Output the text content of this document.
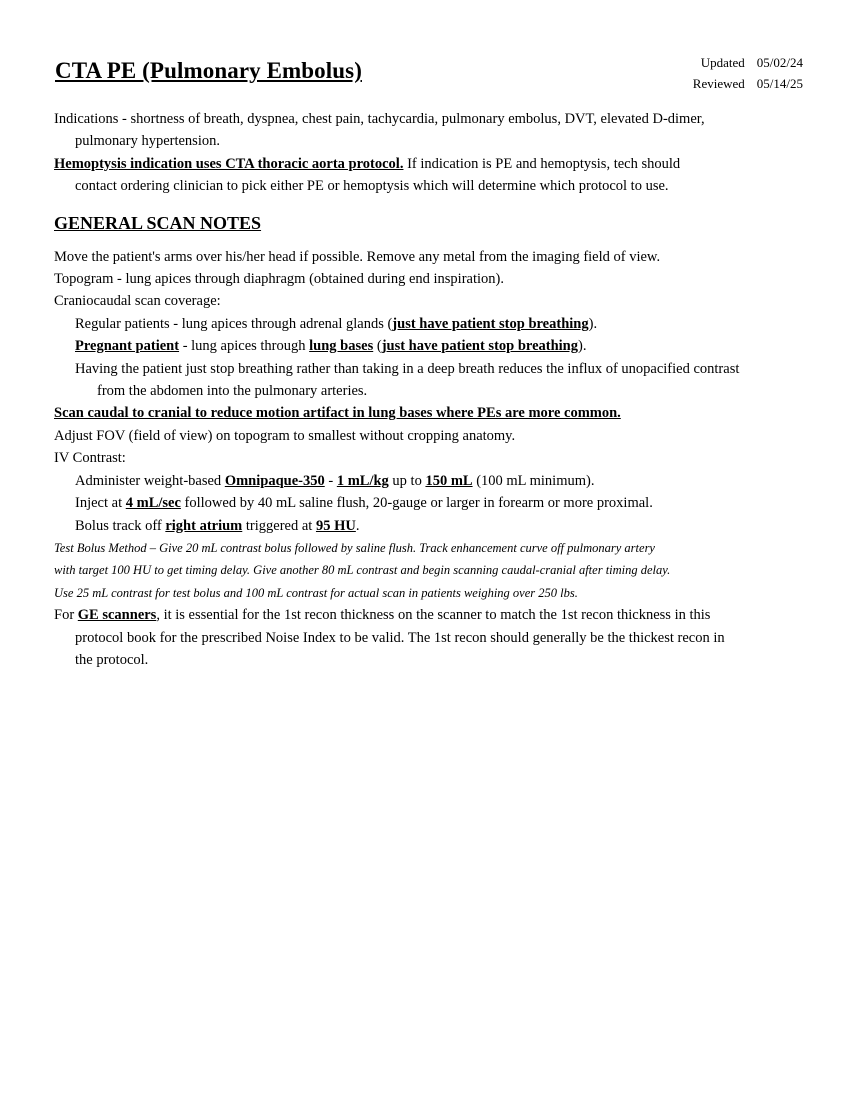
CTA PE (Pulmonary Embolus)	Updated 05/02/24
Reviewed 05/14/25
Indications - shortness of breath, dyspnea, chest pain, tachycardia, pulmonary embolus, DVT, elevated D-dimer,
pulmonary hypertension.
Hemoptysis indication uses CTA thoracic aorta protocol. If indication is PE and hemoptysis, tech should
contact ordering clinician to pick either PE or hemoptysis which will determine which protocol to use.
GENERAL SCAN NOTES
Move the patient's arms over his/her head if possible. Remove any metal from the imaging field of view.
Topogram - lung apices through diaphragm (obtained during end inspiration).
Craniocaudal scan coverage:
Regular patients - lung apices through adrenal glands (just have patient stop breathing).
Pregnant patient - lung apices through lung bases (just have patient stop breathing).
Having the patient just stop breathing rather than taking in a deep breath reduces the influx of unopacified contrast
from the abdomen into the pulmonary arteries.
Scan caudal to cranial to reduce motion artifact in lung bases where PEs are more common.
Adjust FOV (field of view) on topogram to smallest without cropping anatomy.
IV Contrast:
Administer weight-based Omnipaque-350 - 1 mL/kg up to 150 mL (100 mL minimum).
Inject at 4 mL/sec followed by 40 mL saline flush, 20-gauge or larger in forearm or more proximal.
Bolus track off right atrium triggered at 95 HU.
Test Bolus Method – Give 20 mL contrast bolus followed by saline flush. Track enhancement curve off pulmonary artery
with target 100 HU to get timing delay. Give another 80 mL contrast and begin scanning caudal-cranial after timing delay.
Use 25 mL contrast for test bolus and 100 mL contrast for actual scan in patients weighing over 250 lbs.
For GE scanners, it is essential for the 1st recon thickness on the scanner to match the 1st recon thickness in this
protocol book for the prescribed Noise Index to be valid. The 1st recon should generally be the thickest recon in
the protocol.
